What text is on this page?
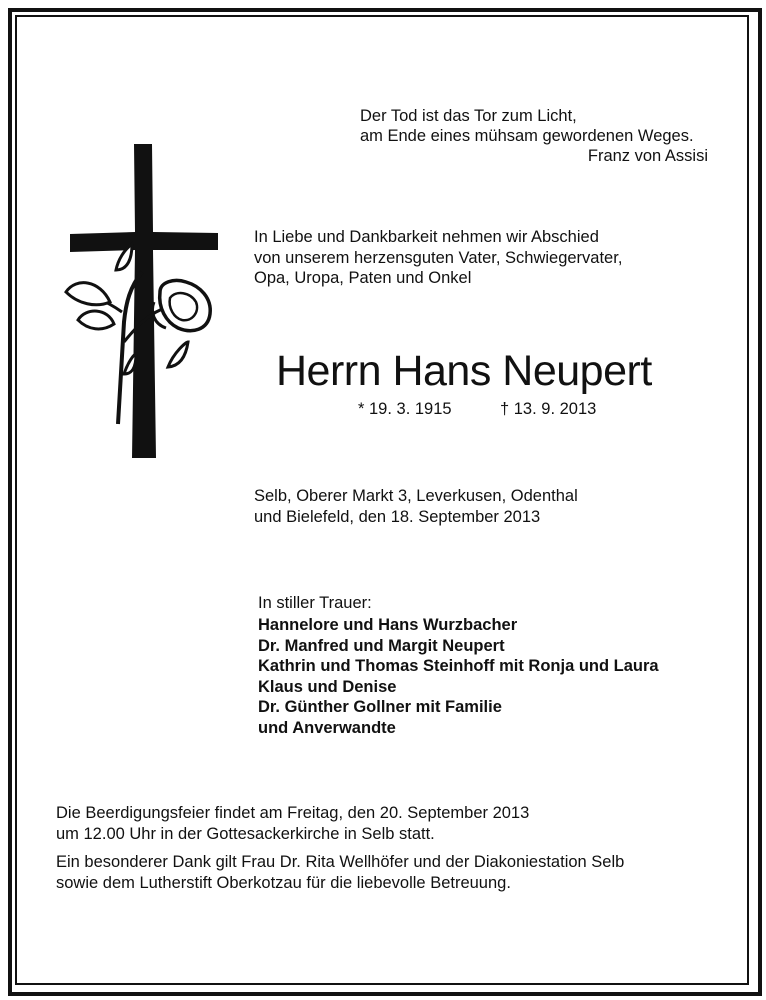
Der Tod ist das Tor zum Licht,
am Ende eines mühsam gewordenen Weges.
Franz von Assisi
In Liebe und Dankbarkeit nehmen wir Abschied
von unserem herzensguten Vater, Schwiegervater,
Opa, Uropa, Paten und Onkel
Herrn Hans Neupert
* 19. 3. 1915	† 13. 9. 2013
Selb, Oberer Markt 3, Leverkusen, Odenthal
und Bielefeld, den 18. September 2013
In stiller Trauer:
Hannelore und Hans Wurzbacher
Dr. Manfred und Margit Neupert
Kathrin und Thomas Steinhoff mit Ronja und Laura
Klaus und Denise
Dr. Günther Gollner mit Familie
und Anverwandte
Die Beerdigungsfeier findet am Freitag, den 20. September 2013
um 12.00 Uhr in der Gottesackerkirche in Selb statt.
Ein besonderer Dank gilt Frau Dr. Rita Wellhöfer und der Diakoniestation Selb
sowie dem Lutherstift Oberkotzau für die liebevolle Betreuung.
